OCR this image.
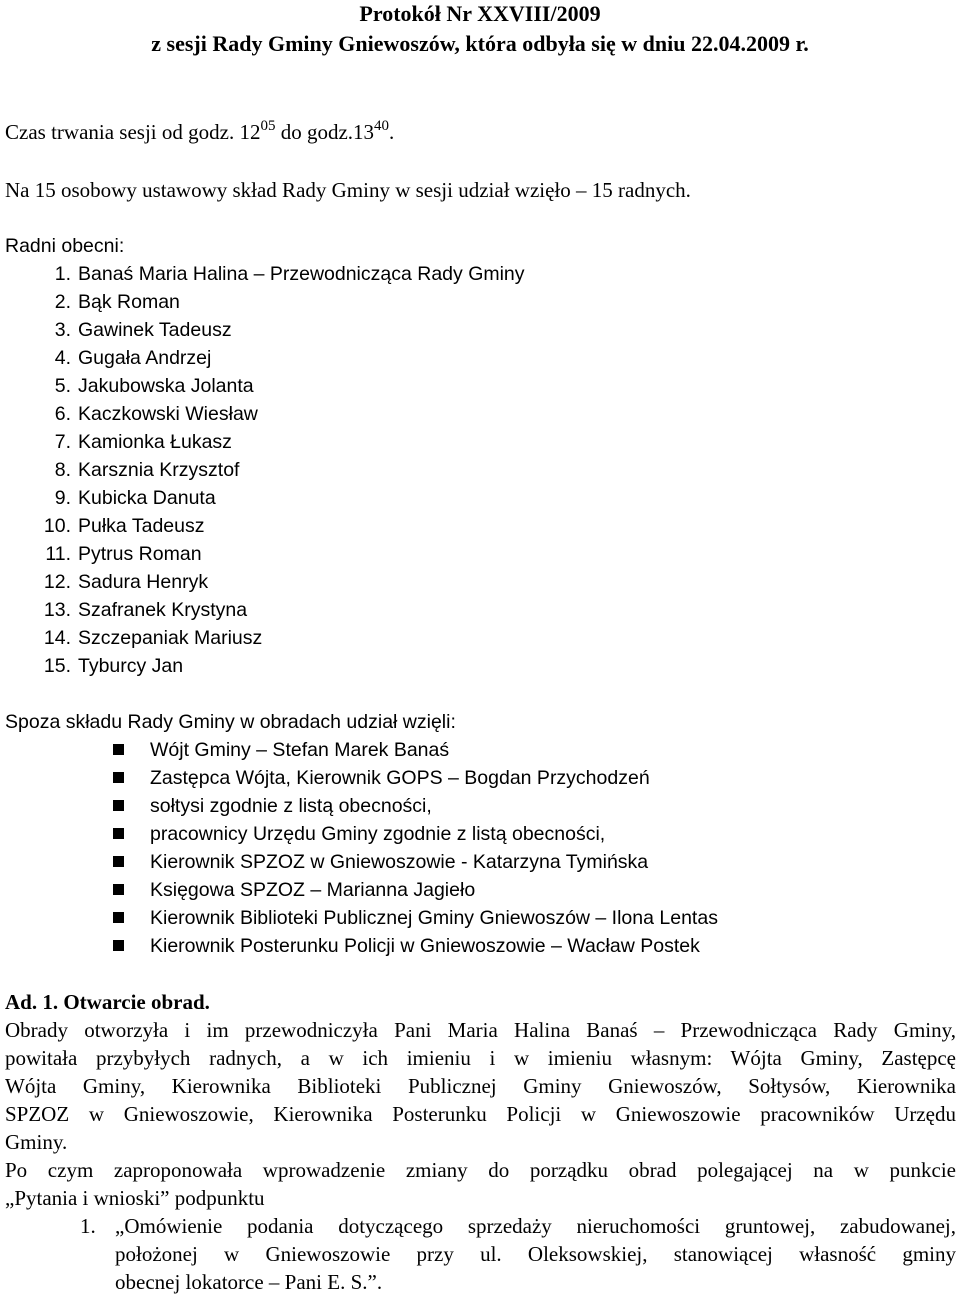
Protokół Nr XXVIII/2009
z sesji Rady Gminy Gniewoszów, która odbyła się w dniu 22.04.2009 r.
Czas trwania sesji od godz. $12^{05}$ do $godz.13^{40}$.
Na 15 osobowy ustawowy skład Rady Gminy w sesji udział wzięło – 15 radnych.
Radni obecni:
1. Banaś Maria Halina – Przewodnicząca Rady Gminy
2. Bąk Roman
3. Gawinek Tadeusz
4. Gugała Andrzej
5. Jakubowska Jolanta
6. Kaczkowski Wiesław
7. Kamionka Łukasz
8. Karsznia Krzysztof
9. Kubicka Danuta
10. Pułka Tadeusz
11. Pytrus Roman
12. Sadura Henryk
13. Szafranek Krystyna
14. Szczepaniak Mariusz
15. Tyburcy Jan
Spoza składu Rady Gminy w obradach udział wzięli:
Wójt Gminy – Stefan Marek Banaś
Zastępca Wójta, Kierownik GOPS – Bogdan Przychodzeń
sołtysi zgodnie z listą obecności,
pracownicy Urzędu Gminy zgodnie z listą obecności,
Kierownik SPZOZ w Gniewoszowie - Katarzyna Tymińska
Księgowa SPZOZ – Marianna Jagieło
Kierownik Biblioteki Publicznej Gminy Gniewoszów – Ilona Lentas
Kierownik Posterunku Policji w Gniewoszowie – Wacław Postek
Ad. 1. Otwarcie obrad.
Obrady otworzyła i im przewodniczyła Pani Maria Halina Banaś – Przewodnicząca Rady Gminy,
powitała przybyłych radnych, a w ich imieniu i w imieniu własnym: Wójta Gminy, Zastępcę
Wójta Gminy, Kierownika Biblioteki Publicznej Gminy Gniewoszów, Sołtysów, Kierownika
SPZOZ w Gniewoszowie, Kierownika Posterunku Policji w Gniewoszowie pracowników Urzędu
Gminy.
Po czym zaproponowała wprowadzenie zmiany do porządku obrad polegającej na w punkcie
„Pytania i wnioski” podpunktu
1. „Omówienie podania dotyczącego sprzedaży nieruchomości gruntowej, zabudowanej,
położonej w Gniewoszowie przy ul. Oleksowskiej, stanowiącej własność gminy
obecnej lokatorce – Pani E. S.”.
